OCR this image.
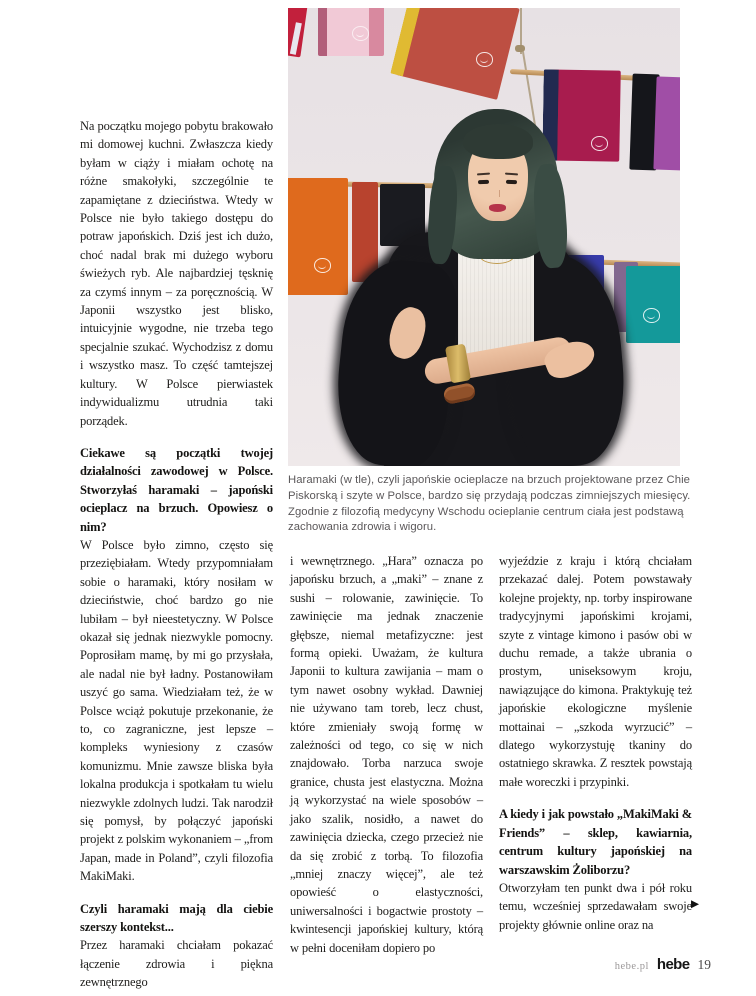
Haramaki (w tle), czyli japońskie ocieplacze na brzuch projektowane przez Chie Piskorską i szyte w Polsce, bardzo się przydają podczas zimniejszych miesięcy. Zgodnie z filozofią medycyny Wschodu ocieplanie centrum ciała jest podstawą zachowania zdrowia i wigoru.

Na początku mojego pobytu brakowało mi domowej kuchni. Zwłaszcza kiedy byłam w ciąży i miałam ochotę na różne smakołyki, szczególnie te zapamiętane z dzieciństwa. Wtedy w Polsce nie było takiego dostępu do potraw japońskich. Dziś jest ich dużo, choć nadal brak mi dużego wyboru świeżych ryb. Ale najbardziej tęsknię za czymś innym – za poręcznością. W Japonii wszystko jest blisko, intuicyjnie wygodne, nie trzeba tego specjalnie szukać. Wychodzisz z domu i wszystko masz. To część tamtejszej kultury. W Polsce pierwiastek indywidualizmu utrudnia taki porządek.

Ciekawe są początki twojej działalności zawodowej w Polsce. Stworzyłaś haramaki – japoński ocieplacz na brzuch. Opowiesz o nim?

W Polsce było zimno, często się przeziębiałam. Wtedy przypomniałam sobie o haramaki, który nosiłam w dzieciństwie, choć bardzo go nie lubiłam – był nieestetyczny. W Polsce okazał się jednak niezwykle pomocny. Poprosiłam mamę, by mi go przysłała, ale nadal nie był ładny. Postanowiłam uszyć go sama. Wiedziałam też, że w Polsce wciąż pokutuje przekonanie, że to, co zagraniczne, jest lepsze – kompleks wyniesiony z czasów komunizmu. Mnie zawsze bliska była lokalna produkcja i spotkałam tu wielu niezwykle zdolnych ludzi. Tak narodził się pomysł, by połączyć japoński projekt z polskim wykonaniem – „from Japan, made in Poland”, czyli filozofia MakiMaki.

Czyli haramaki mają dla ciebie szerszy kontekst...

Przez haramaki chciałam pokazać łączenie zdrowia i piękna zewnętrznego

i wewnętrznego. „Hara” oznacza po japońsku brzuch, a „maki” – znane z sushi – rolowanie, zawinięcie. To zawinięcie ma jednak znaczenie głębsze, niemal metafizyczne: jest formą opieki. Uważam, że kultura Japonii to kultura zawijania – mam o tym nawet osobny wykład. Dawniej nie używano tam toreb, lecz chust, które zmieniały swoją formę w zależności od tego, co się w nich znajdowało. Torba narzuca swoje granice, chusta jest elastyczna. Można ją wykorzystać na wiele sposobów – jako szalik, nosidło, a nawet do zawinięcia dziecka, czego przecież nie da się zrobić z torbą. To filozofia „mniej znaczy więcej”, ale też opowieść o elastyczności, uniwersalności i bogactwie prostoty – kwintesencji japońskiej kultury, którą w pełni doceniłam dopiero po

wyjeździe z kraju i którą chciałam przekazać dalej. Potem powstawały kolejne projekty, np. torby inspirowane tradycyjnymi japońskimi krojami, szyte z vintage kimono i pasów obi w duchu remade, a także ubrania o prostym, uniseksowym kroju, nawiązujące do kimona. Praktykuję też japońskie ekologiczne myślenie mottainai – „szkoda wyrzucić” – dlatego wykorzystuję tkaniny do ostatniego skrawka. Z resztek powstają małe woreczki i przypinki.

A kiedy i jak powstało „MakiMaki & Friends” – sklep, kawiarnia, centrum kultury japońskiej na warszawskim Żoliborzu?

Otworzyłam ten punkt dwa i pół roku temu, wcześniej sprzedawałam swoje projekty głównie online oraz na

▶
hebe.pl hebe 19
